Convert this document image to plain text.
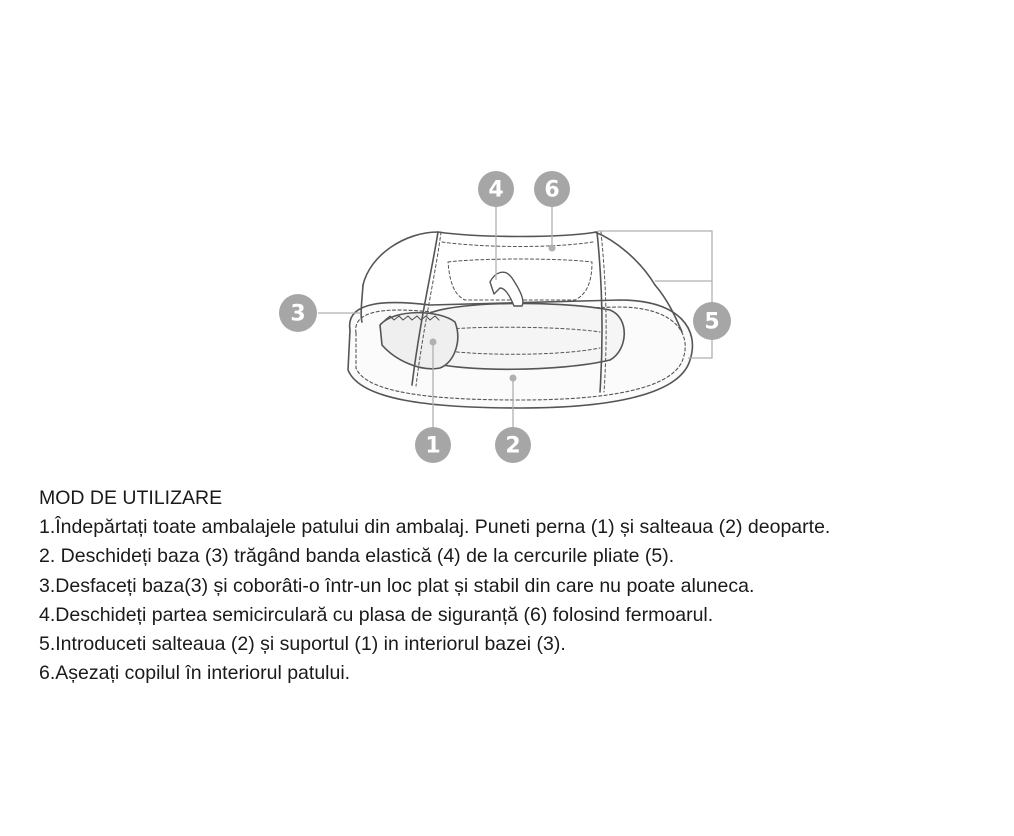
4 6
3	5
1	2

MOD DE UTILIZARE

1.Îndepărtați toate ambalajele patului din ambalaj. Puneti perna (1) și salteaua (2) deoparte.

2. Deschideți baza (3) trăgând banda elastică (4) de la cercurile pliate (5).

3.Desfaceți baza(3) și coborâti-o într-un loc plat și stabil din care nu poate aluneca.

4.Deschideți partea semicirculară cu plasa de siguranță (6) folosind fermoarul.

5.Introduceti salteaua (2) și suportul (1) in interiorul bazei (3).

6.Așezați copilul în interiorul patului.
